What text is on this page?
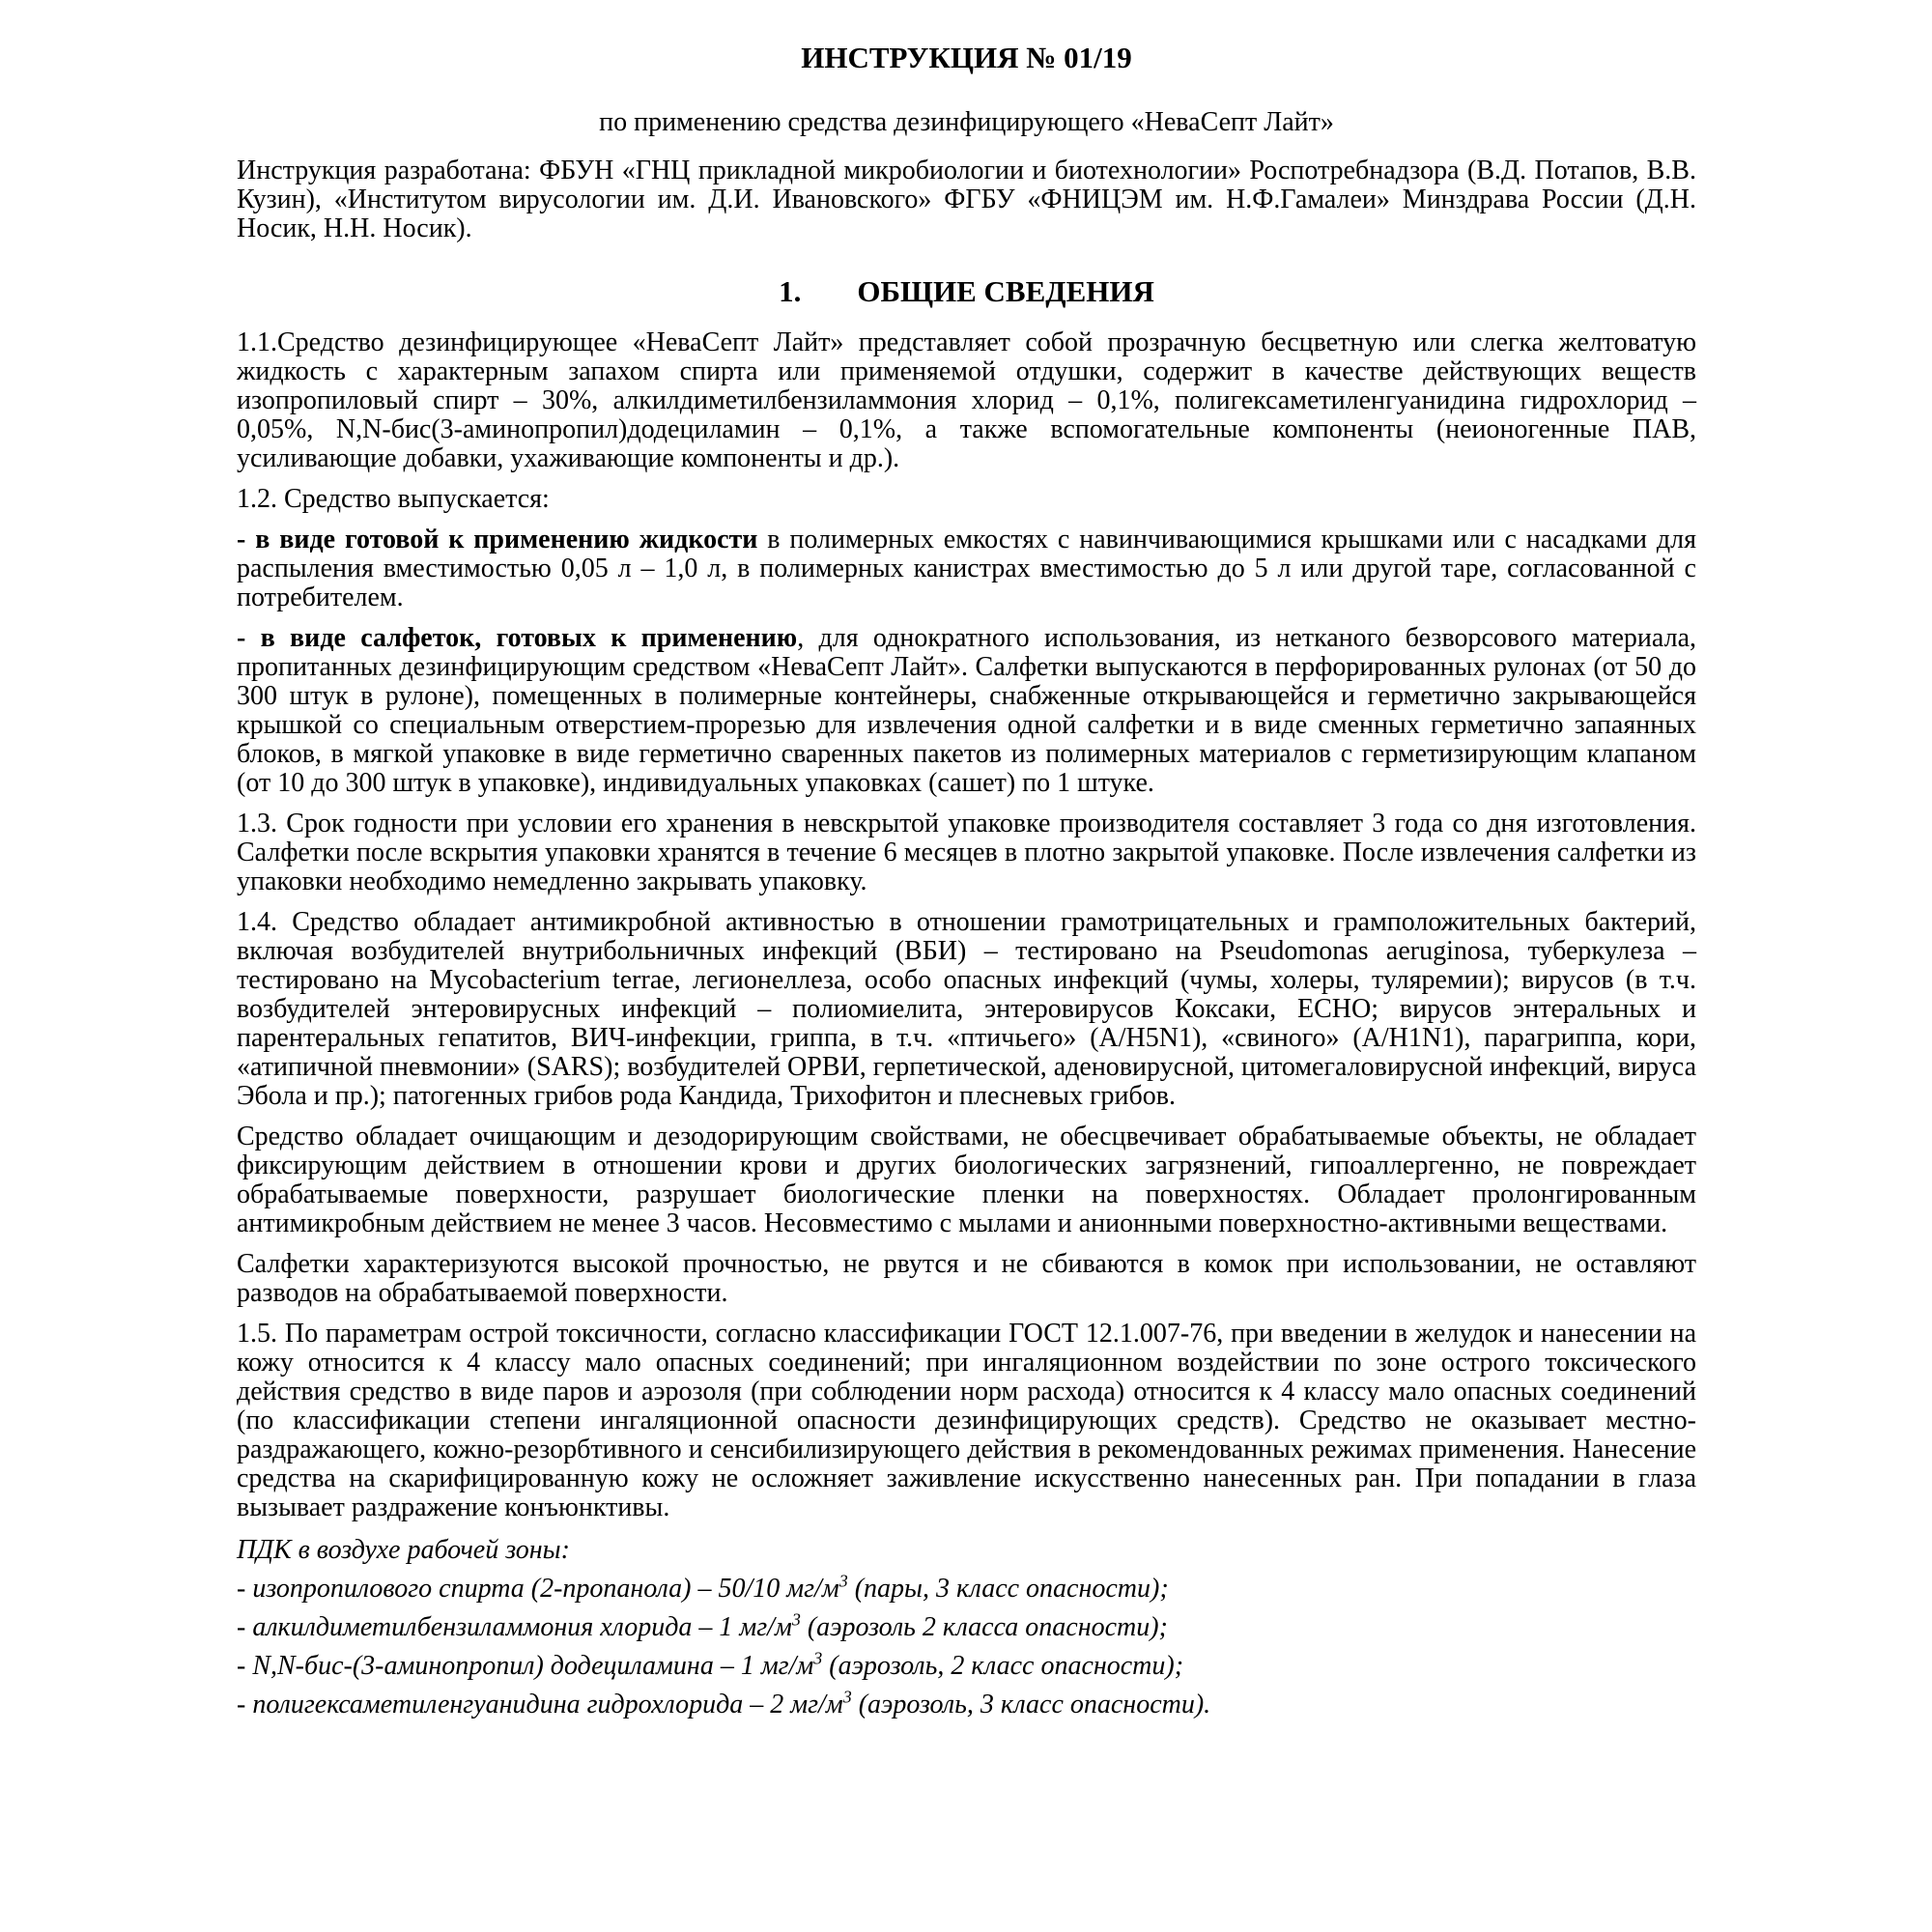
ИНСТРУКЦИЯ № 01/19

по применению средства дезинфицирующего «НеваСепт Лайт»

Инструкция разработана: ФБУН «ГНЦ прикладной микробиологии и биотехнологии» Роспотребнадзора (В.Д. Потапов, В.В. Кузин), «Институтом вирусологии им. Д.И. Ивановского» ФГБУ «ФНИЦЭМ им. Н.Ф.Гамалеи» Минздрава России (Д.Н. Носик, Н.Н. Носик).

1. ОБЩИЕ СВЕДЕНИЯ

1.1.Средство дезинфицирующее «НеваСепт Лайт» представляет собой прозрачную бесцветную или слегка желтоватую жидкость с характерным запахом спирта или применяемой отдушки, содержит в качестве действующих веществ изопропиловый спирт – 30%, алкилдиметилбензиламмония хлорид – 0,1%, полигексаметиленгуанидина гидрохлорид – 0,05%, N,N-бис(3-аминопропил)додециламин – 0,1%, а также вспомогательные компоненты (неионогенные ПАВ, усиливающие добавки, ухаживающие компоненты и др.).

1.2. Средство выпускается:

- в виде готовой к применению жидкости в полимерных емкостях с навинчивающимися крышками или с насадками для распыления вместимостью 0,05 л – 1,0 л, в полимерных канистрах вместимостью до 5 л или другой таре, согласованной с потребителем.

- в виде салфеток, готовых к применению, для однократного использования, из нетканого безворсового материала, пропитанных дезинфицирующим средством «НеваСепт Лайт». Салфетки выпускаются в перфорированных рулонах (от 50 до 300 штук в рулоне), помещенных в полимерные контейнеры, снабженные открывающейся и герметично закрывающейся крышкой со специальным отверстием-прорезью для извлечения одной салфетки и в виде сменных герметично запаянных блоков, в мягкой упаковке в виде герметично сваренных пакетов из полимерных материалов с герметизирующим клапаном (от 10 до 300 штук в упаковке), индивидуальных упаковках (сашет) по 1 штуке.

1.3. Срок годности при условии его хранения в невскрытой упаковке производителя составляет 3 года со дня изготовления. Салфетки после вскрытия упаковки хранятся в течение 6 месяцев в плотно закрытой упаковке. После извлечения салфетки из упаковки необходимо немедленно закрывать упаковку.

1.4. Средство обладает антимикробной активностью в отношении грамотрицательных и грамположительных бактерий, включая возбудителей внутрибольничных инфекций (ВБИ) – тестировано на Pseudomonas aeruginosa, туберкулеза – тестировано на Mycobacterium terrae, легионеллеза, особо опасных инфекций (чумы, холеры, туляремии); вирусов (в т.ч. возбудителей энтеровирусных инфекций – полиомиелита, энтеровирусов Коксаки, ECHO; вирусов энтеральных и парентеральных гепатитов, ВИЧ-инфекции, гриппа, в т.ч. «птичьего» (A/H5N1), «свиного» (A/H1N1), парагриппа, кори, «атипичной пневмонии» (SARS); возбудителей ОРВИ, герпетической, аденовирусной, цитомегаловирусной инфекций, вируса Эбола и пр.); патогенных грибов рода Кандида, Трихофитон и плесневых грибов.

Средство обладает очищающим и дезодорирующим свойствами, не обесцвечивает обрабатываемые объекты, не обладает фиксирующим действием в отношении крови и других биологических загрязнений, гипоаллергенно, не повреждает обрабатываемые поверхности, разрушает биологические пленки на поверхностях. Обладает пролонгированным антимикробным действием не менее 3 часов. Несовместимо с мылами и анионными поверхностно-активными веществами.

Салфетки характеризуются высокой прочностью, не рвутся и не сбиваются в комок при использовании, не оставляют разводов на обрабатываемой поверхности.

1.5. По параметрам острой токсичности, согласно классификации ГОСТ 12.1.007-76, при введении в желудок и нанесении на кожу относится к 4 классу мало опасных соединений; при ингаляционном воздействии по зоне острого токсического действия средство в виде паров и аэрозоля (при соблюдении норм расхода) относится к 4 классу мало опасных соединений (по классификации степени ингаляционной опасности дезинфицирующих средств). Средство не оказывает местно-раздражающего, кожно-резорбтивного и сенсибилизирующего действия в рекомендованных режимах применения. Нанесение средства на скарифицированную кожу не осложняет заживление искусственно нанесенных ран. При попадании в глаза вызывает раздражение конъюнктивы.

ПДК в воздухе рабочей зоны:

- изопропилового спирта (2-пропанола) – 50/10 $мг/м^3$ (пары, 3 класс опасности);

- алкилдиметилбензиламмония хлорида – 1 $мг/м^3$ (аэрозоль 2 класса опасности);

- N,N-бис-(3-аминопропил) додециламина – 1 $мг/м^3$ (аэрозоль, 2 класс опасности);

- полигексаметиленгуанидина гидрохлорида – 2 $мг/м^3$ (аэрозоль, 3 класс опасности).
